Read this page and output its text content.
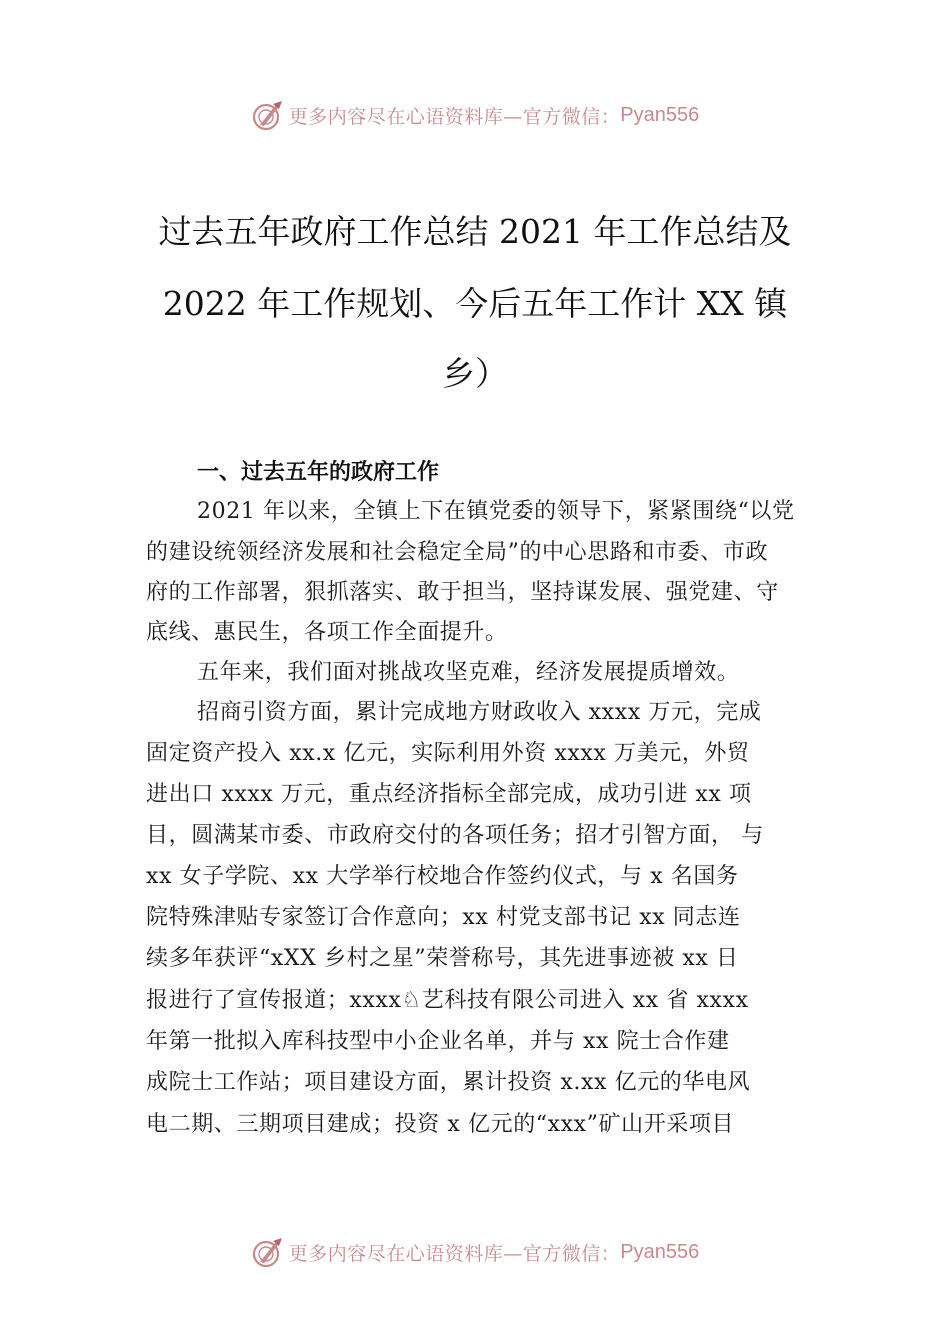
更多内容尽在心语资料库—官方微信： Pyan556
过去五年政府工作总结 2021 年工作总结及
2022 年工作规划、今后五年工作计 XX 镇
乡）
一、过去五年的政府工作
2021 年以来，全镇上下在镇党委的领导下，紧紧围绕“以党
的建设统领经济发展和社会稳定全局”的中心思路和市委、市政
府的工作部署，狠抓落实、敢于担当，坚持谋发展、强党建、守
底线、惠民生，各项工作全面提升。
五年来，我们面对挑战攻坚克难，经济发展提质增效。
招商引资方面，累计完成地方财政收入 xxxx 万元，完成
固定资产投入 xx.x 亿元，实际利用外资 xxxx 万美元，外贸
进出口 xxxx 万元，重点经济指标全部完成，成功引进 xx 项
目，圆满某市委、市政府交付的各项任务；招才引智方面， 与
xx 女子学院、xx 大学举行校地合作签约仪式，与 x 名国务
院特殊津贴专家签订合作意向；xx 村党支部书记 xx 同志连
续多年获评“xXX 乡村之星”荣誉称号，其先进事迹被 xx 日
报进行了宣传报道；xxxx♘艺科技有限公司进入 xx 省 xxxx
年第一批拟入库科技型中小企业名单，并与 xx 院士合作建
成院士工作站；项目建设方面，累计投资 x.xx 亿元的华电风
电二期、三期项目建成；投资 x 亿元的“xxx”矿山开采项目
更多内容尽在心语资料库—官方微信： Pyan556
